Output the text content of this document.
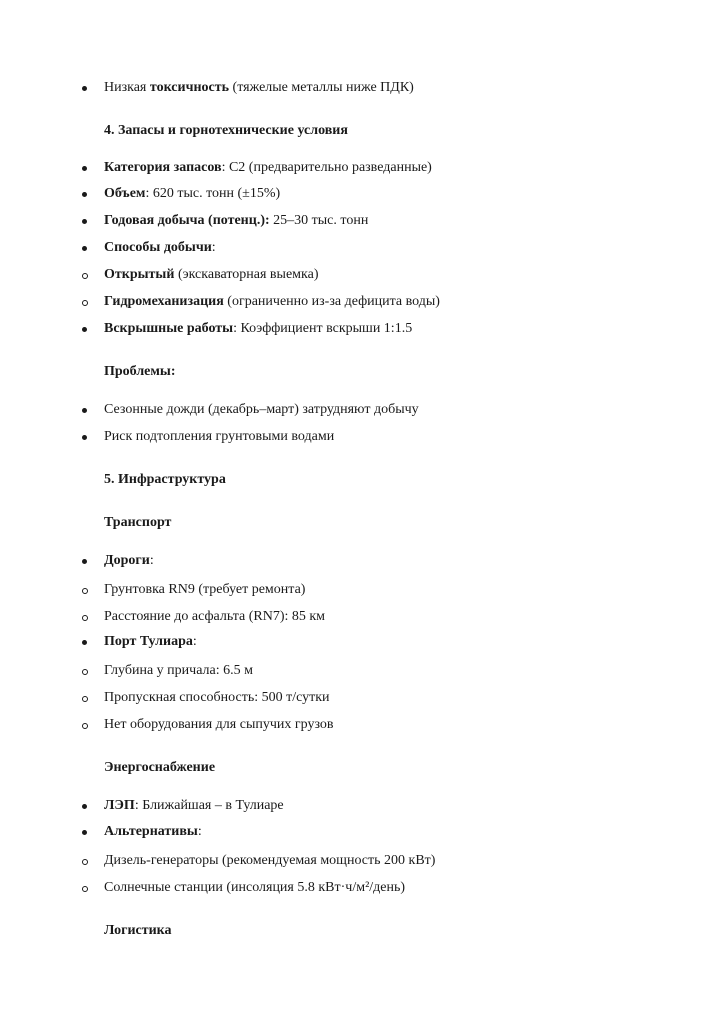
Низкая токсичность (тяжелые металлы ниже ПДК)
4. Запасы и горнотехнические условия
Категория запасов: C2 (предварительно разведанные)
Объем: 620 тыс. тонн (±15%)
Годовая добыча (потенц.): 25–30 тыс. тонн
Способы добычи:
Открытый (экскаваторная выемка)
Гидромеханизация (ограниченно из-за дефицита воды)
Вскрышные работы: Коэффициент вскрыши 1:1.5
Проблемы:
Сезонные дожди (декабрь–март) затрудняют добычу
Риск подтопления грунтовыми водами
5. Инфраструктура
Транспорт
Дороги:
Грунтовка RN9 (требует ремонта)
Расстояние до асфальта (RN7): 85 км
Порт Тулиара:
Глубина у причала: 6.5 м
Пропускная способность: 500 т/сутки
Нет оборудования для сыпучих грузов
Энергоснабжение
ЛЭП: Ближайшая – в Тулиаре
Альтернативы:
Дизель-генераторы (рекомендуемая мощность 200 кВт)
Солнечные станции (инсоляция 5.8 кВт·ч/м²/день)
Логистика
